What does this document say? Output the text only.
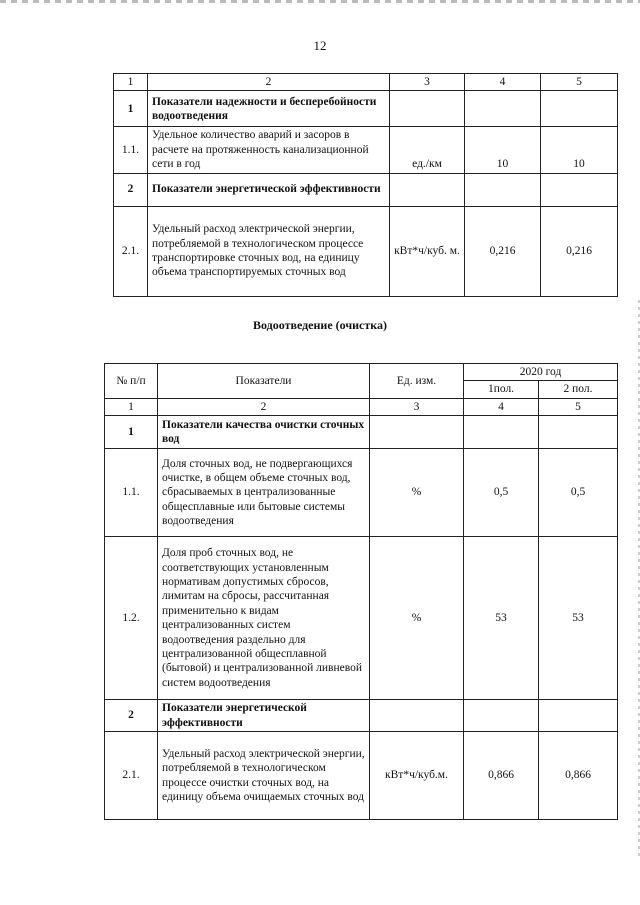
12
1	2	3	4	5
1	Показатели надежности и бесперебойности водоотведения			
1.1.	Удельное количество аварий и засоров в расчете на протяженность канализационной сети в год	ед./км	10	10
2	Показатели энергетической эффективности			
2.1.	Удельный расход электрической энергии, потребляемой в технологическом процессе транспортировке сточных вод, на единицу объема транспортируемых сточных вод	кВт*ч/куб. м.	0,216	0,216
Водоотведение (очистка)
№ п/п	Показатели	Ед. изм.	2020 год	
			1пол.	2 пол.
1	2	3	4	5
1	Показатели качества очистки сточных вод			
1.1.	Доля сточных вод, не подвергающихся очистке, в общем объеме сточных вод, сбрасываемых в централизованные общесплавные или бытовые системы водоотведения	%	0,5	0,5
1.2.	Доля проб сточных вод, не соответствующих установленным нормативам допустимых сбросов, лимитам на сбросы, рассчитанная применительно к видам централизованных систем водоотведения раздельно для централизованной общесплавной (бытовой) и централизованной ливневой систем водоотведения	%	53	53
2	Показатели энергетической эффективности			
2.1.	Удельный расход электрической энергии, потребляемой в технологическом процессе очистки сточных вод, на единицу объема очищаемых сточных вод	кВт*ч/куб.м.	0,866	0,866
